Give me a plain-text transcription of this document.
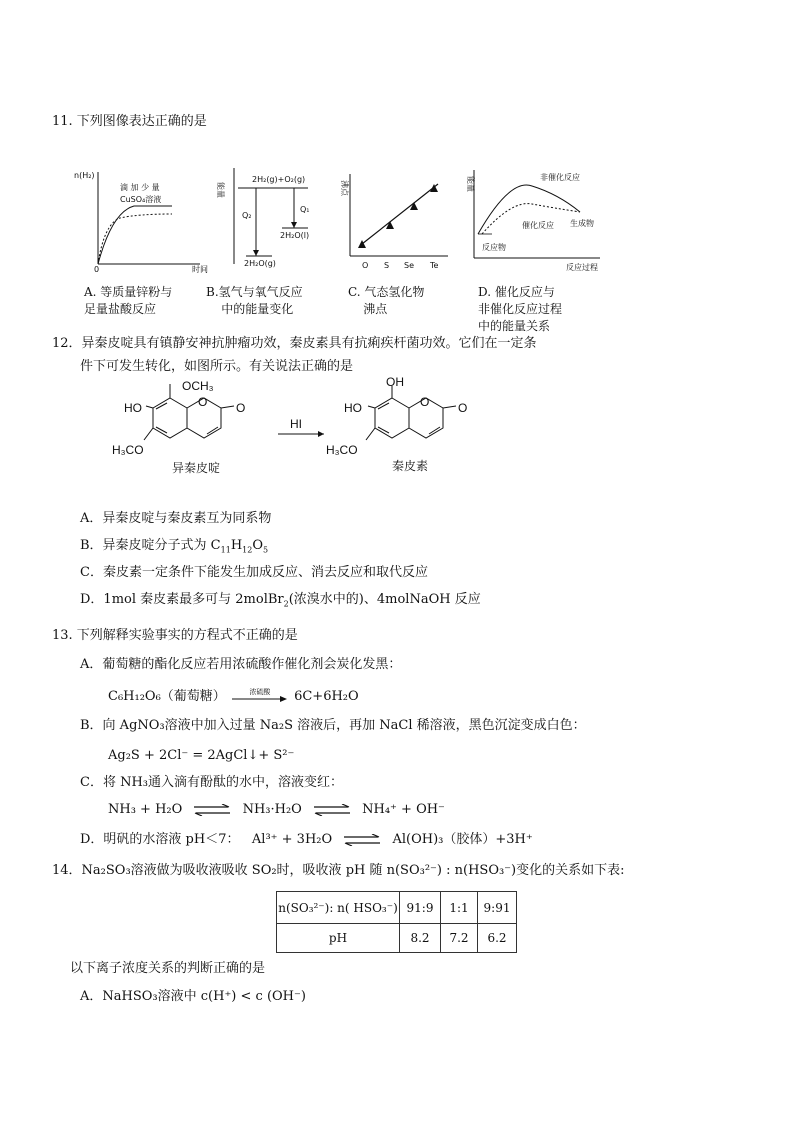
11. 下列图像表达正确的是
n(H₂)
滴 加 少 量
CuSO₄溶液
0	时间
能量
2H₂(g)+O₂(g)
Q₂
Q₁
2H₂O(l)
2H₂O(g)
沸点
O S Se Te
能量	非催化反应
催化反应 生成物
反应物
反应过程
A. 等质量锌粉与
足量盐酸反应
B.氢气与氧气反应
中的能量变化
C. 气态氢化物
沸点
D. 催化反应与
非催化反应过程
中的能量关系
12．异秦皮啶具有镇静安神抗肿瘤功效，秦皮素具有抗痢疾杆菌功效。它们在一定条
件下可发生转化，如图所示。有关说法正确的是
OCH₃
HO	O O
H₃CO
异秦皮啶
HI
OH
HO	O O
H₃CO
秦皮素
A．异秦皮啶与秦皮素互为同系物
B．异秦皮啶分子式为 $C_{11}H_{12}O_5$
C．秦皮素一定条件下能发生加成反应、消去反应和取代反应
D．1mol 秦皮素最多可与 2molBr$_2$(浓溴水中的)、4molNaOH 反应
13. 下列解释实验事实的方程式不正确的是
A．葡萄糖的酯化反应若用浓硫酸作催化剂会炭化发黑：
C₆H₁₂O₆（葡萄糖）	浓硫酸	6C+6H₂O
B．向 AgNO₃溶液中加入过量 Na₂S 溶液后，再加 NaCl 稀溶液，黑色沉淀变成白色：
Ag₂S + 2Cl⁻ = 2AgCl↓+ S²⁻
C．将 NH₃通入滴有酚酞的水中，溶液变红：
NH₃ + H₂O ⇌ NH₃·H₂O ⇌ NH₄⁺ + OH⁻
D．明矾的水溶液 pH＜7： Al³⁺ + 3H₂O ⇌ Al(OH)₃（胶体）+3H⁺
14．Na₂SO₃溶液做为吸收液吸收 SO₂时，吸收液 pH 随 n(SO₃²⁻) : n(HSO₃⁻)变化的关系如下表:
n(SO₃²⁻): n( HSO₃⁻)	91:9	1:1	9:91
pH	8.2	7.2	6.2
以下离子浓度关系的判断正确的是
A．NaHSO₃溶液中 c(H⁺) < c (OH⁻)
